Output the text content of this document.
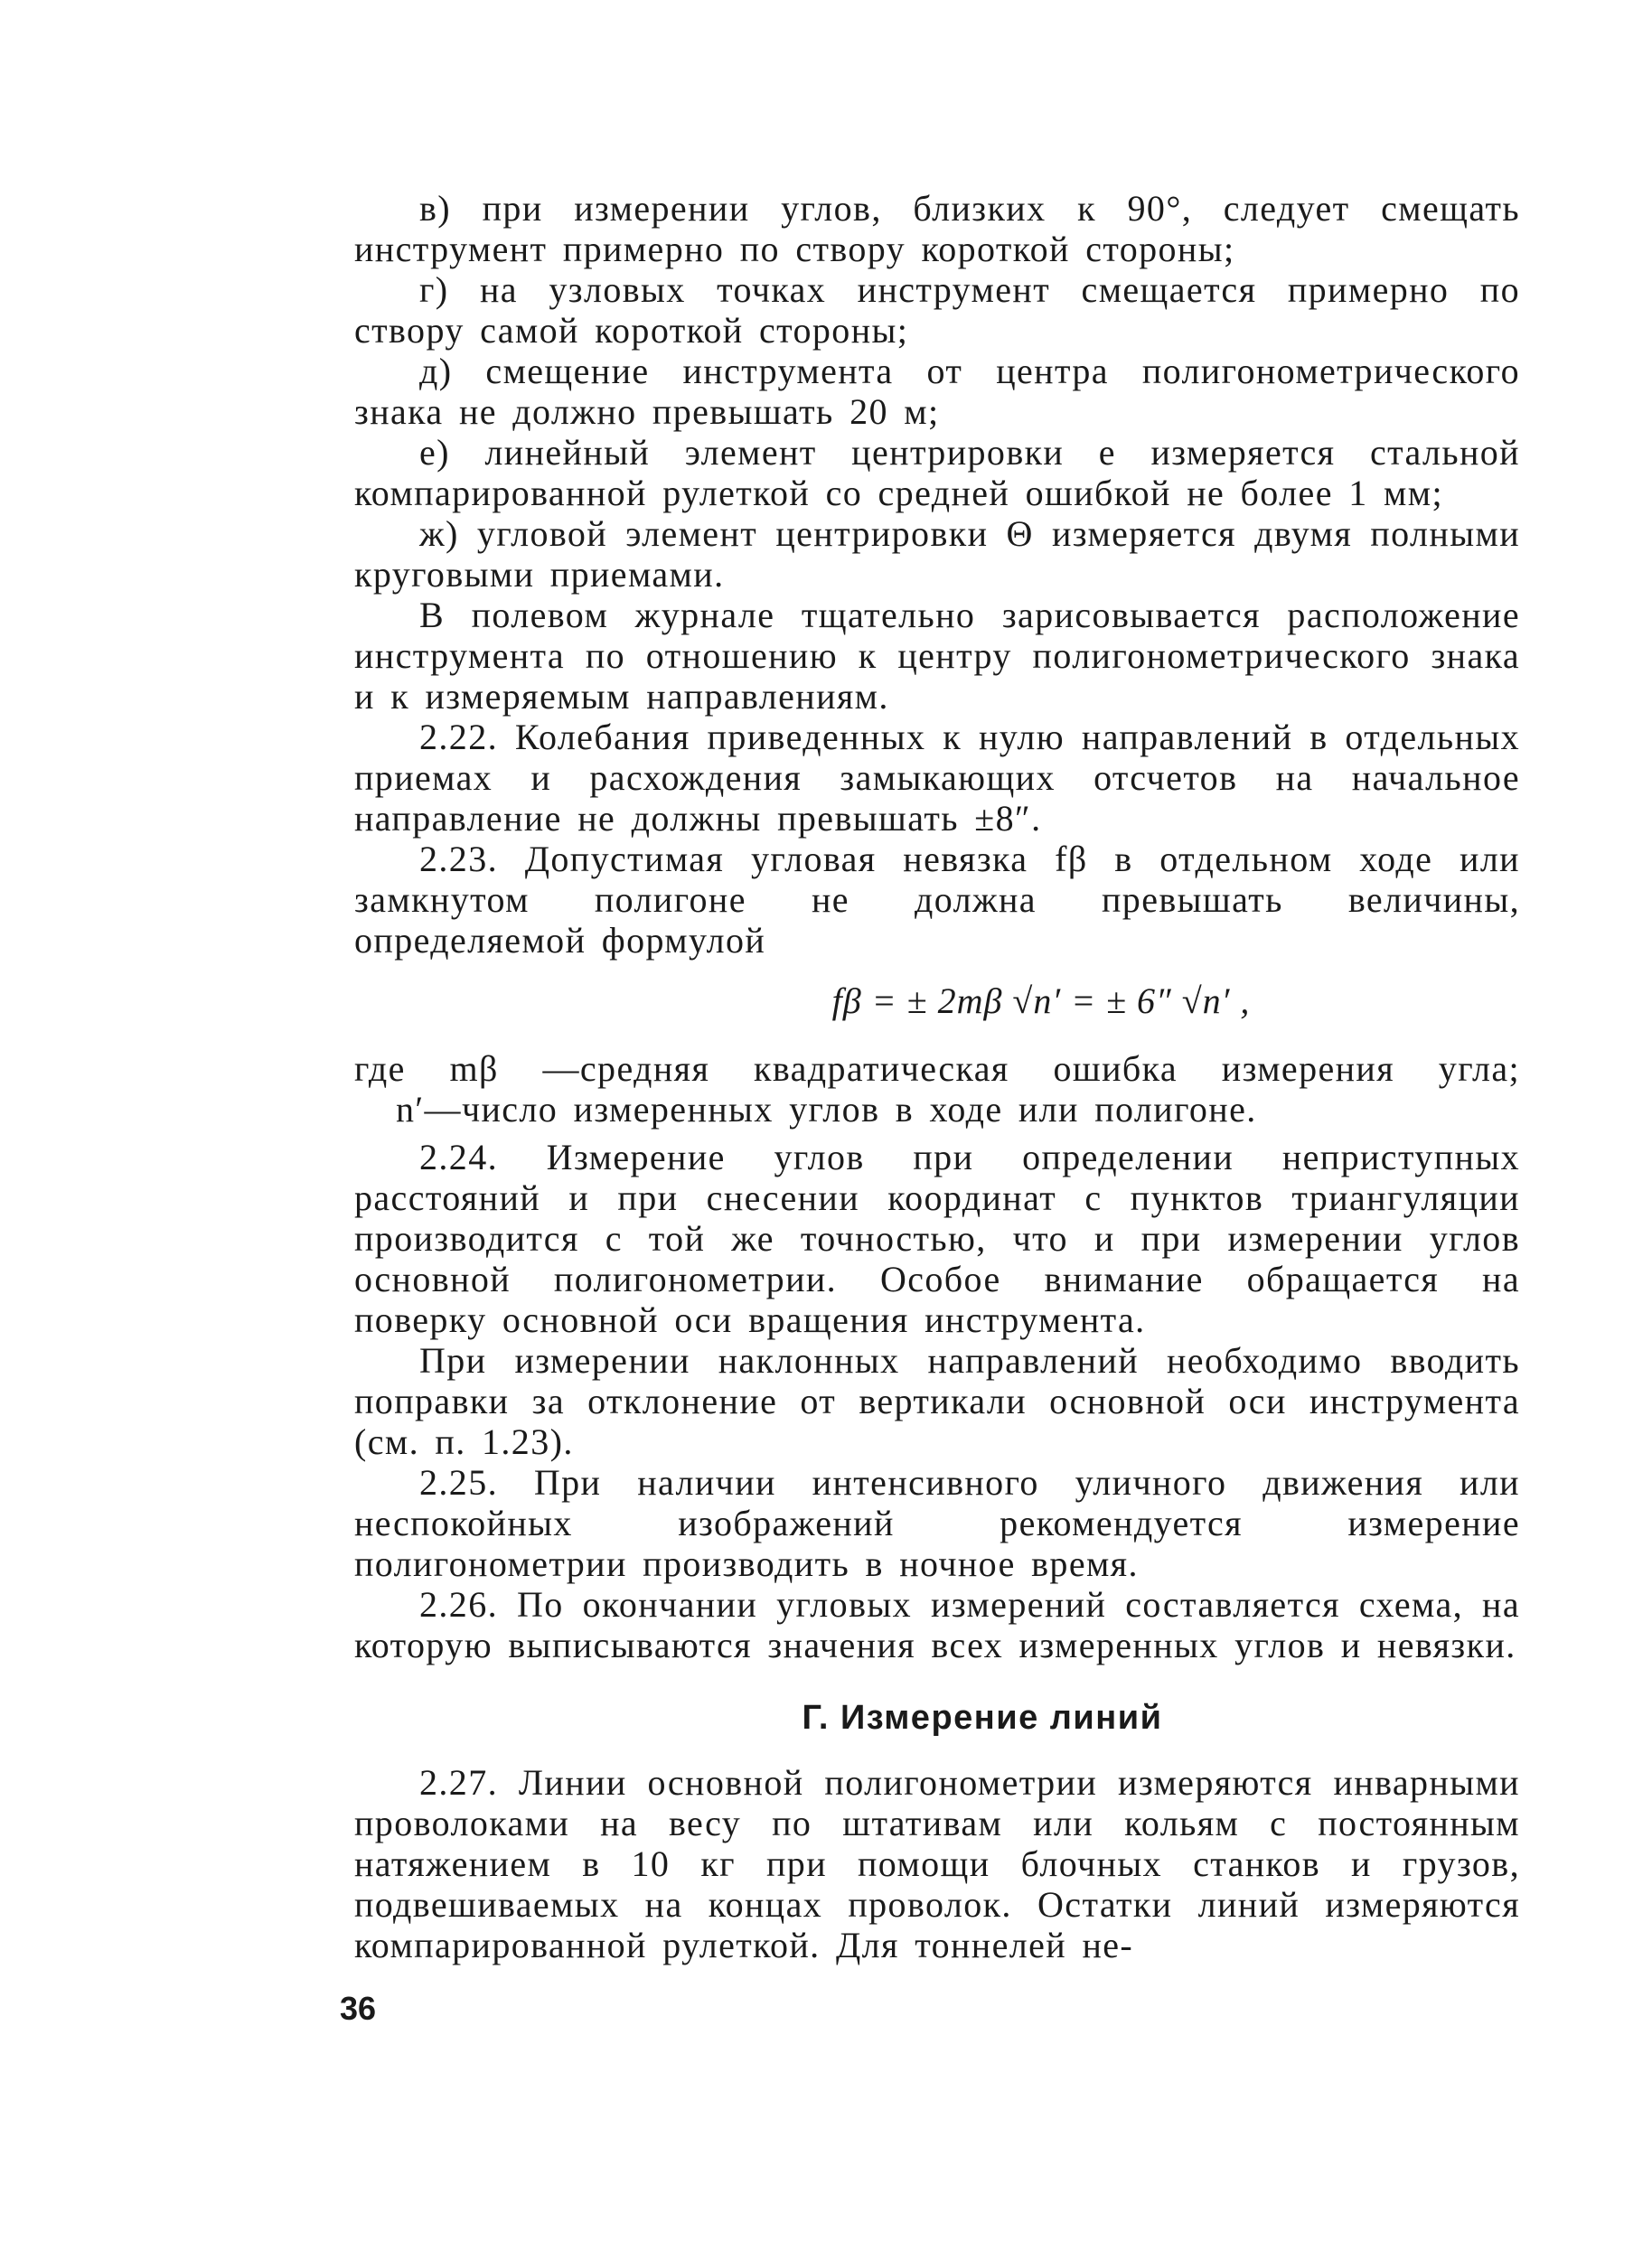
в) при измерении углов, близких к 90°, следует смещать инструмент примерно по створу короткой стороны;

г) на узловых точках инструмент смещается примерно по створу самой короткой стороны;

д) смещение инструмента от центра полигонометрического знака не должно превышать 20 м;

е) линейный элемент центрировки e измеряется стальной компарированной рулеткой со средней ошибкой не более 1 мм;

ж) угловой элемент центрировки Θ измеряется двумя полными круговыми приемами.

В полевом журнале тщательно зарисовывается расположение инструмента по отношению к центру полигонометрического знака и к измеряемым направлениям.

2.22. Колебания приведенных к нулю направлений в отдельных приемах и расхождения замыкающих отсчетов на начальное направление не должны превышать ±8″.

2.23. Допустимая угловая невязка fβ в отдельном ходе или замкнутом полигоне не должна превышать величины, определяемой формулой

fβ = ± 2mβ √n′ = ± 6″ √n′ ,

где mβ —средняя квадратическая ошибка измерения угла;

n′—число измеренных углов в ходе или полигоне.

2.24. Измерение углов при определении неприступных расстояний и при снесении координат с пунктов триангуляции производится с той же точностью, что и при измерении углов основной полигонометрии. Особое внимание обращается на поверку основной оси вращения инструмента.

При измерении наклонных направлений необходимо вводить поправки за отклонение от вертикали основной оси инструмента (см. п. 1.23).

2.25. При наличии интенсивного уличного движения или неспокойных изображений рекомендуется измерение полигонометрии производить в ночное время.

2.26. По окончании угловых измерений составляется схема, на которую выписываются значения всех измеренных углов и невязки.

Г. Измерение линий

2.27. Линии основной полигонометрии измеряются инварными проволоками на весу по штативам или кольям с постоянным натяжением в 10 кг при помощи блочных станков и грузов, подвешиваемых на концах проволок. Остатки линий измеряются компарированной рулеткой. Для тоннелей не-

36
